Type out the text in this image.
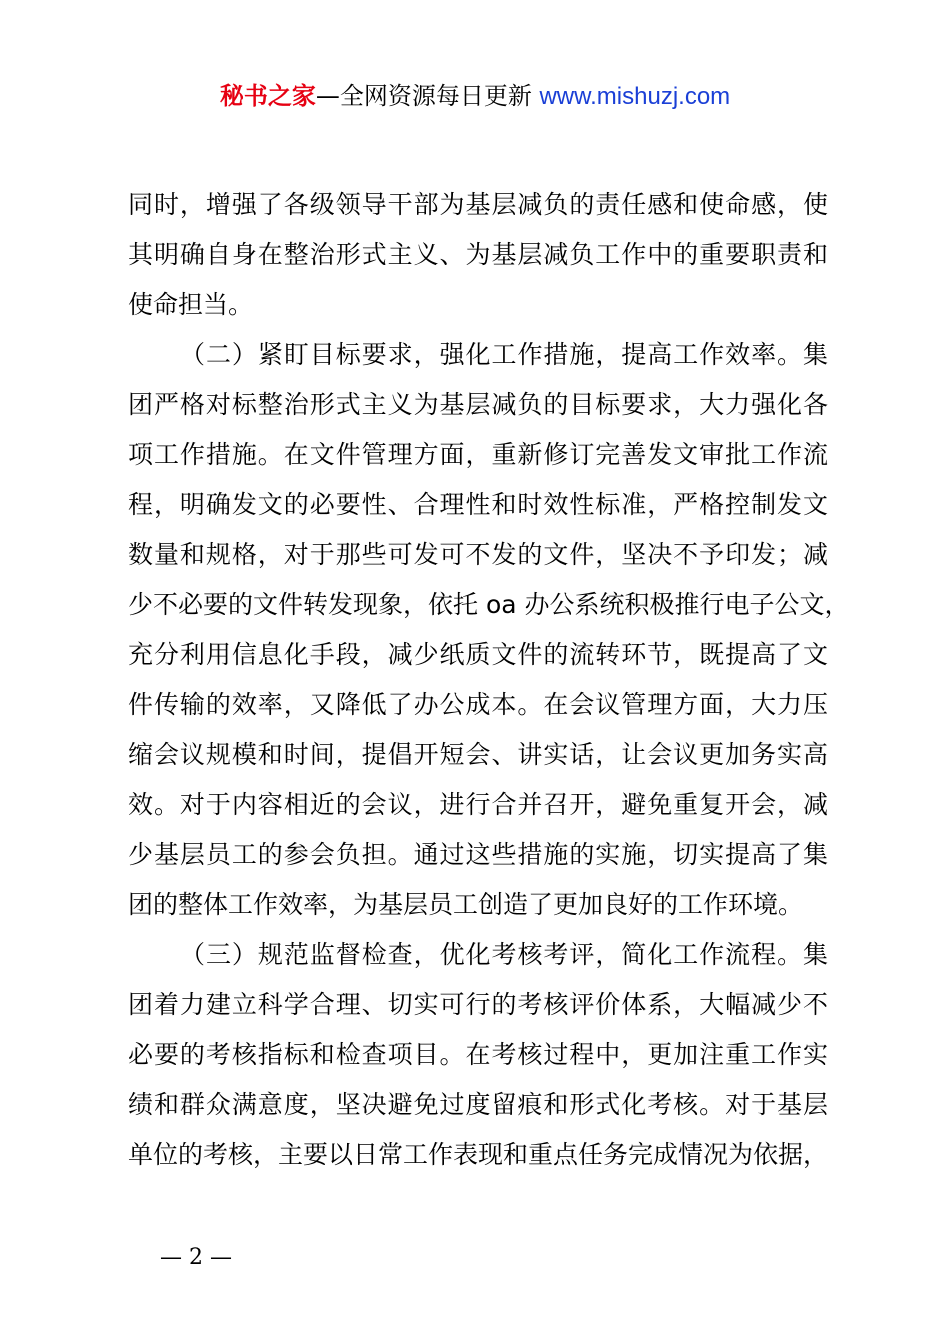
秘书之家—全网资源每日更新 www.mishuzj.com
同时，增强了各级领导干部为基层减负的责任感和使命感，使
其明确自身在整治形式主义、为基层减负工作中的重要职责和
使命担当。
（二）紧盯目标要求，强化工作措施，提高工作效率。集
团严格对标整治形式主义为基层减负的目标要求，大力强化各
项工作措施。在文件管理方面，重新修订完善发文审批工作流
程，明确发文的必要性、合理性和时效性标准，严格控制发文
数量和规格，对于那些可发可不发的文件，坚决不予印发；减
少不必要的文件转发现象，依托 oa 办公系统积极推行电子公文，
充分利用信息化手段，减少纸质文件的流转环节，既提高了文
件传输的效率，又降低了办公成本。在会议管理方面，大力压
缩会议规模和时间，提倡开短会、讲实话，让会议更加务实高
效。对于内容相近的会议，进行合并召开，避免重复开会，减
少基层员工的参会负担。通过这些措施的实施，切实提高了集
团的整体工作效率，为基层员工创造了更加良好的工作环境。
（三）规范监督检查，优化考核考评，简化工作流程。集
团着力建立科学合理、切实可行的考核评价体系，大幅减少不
必要的考核指标和检查项目。在考核过程中，更加注重工作实
绩和群众满意度，坚决避免过度留痕和形式化考核。对于基层
单位的考核，主要以日常工作表现和重点任务完成情况为依据，
— 2 —
